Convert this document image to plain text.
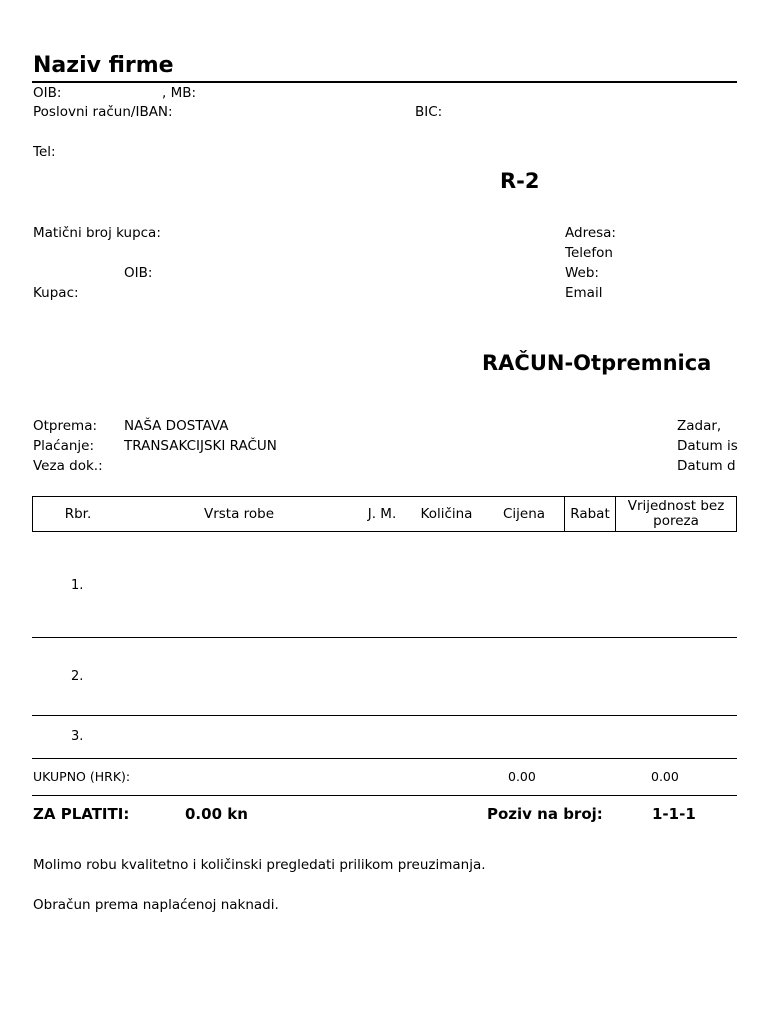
Naziv firme
OIB:	, MB:
Poslovni račun/IBAN:	BIC:
Tel:
R-2
Matični broj kupca:
OIB:
Kupac:
Adresa:
Telefon
Web:
Email
RAČUN-Otpremnica
Otprema: NAŠA DOSTAVA
Plaćanje: TRANSAKCIJSKI RAČUN
Veza dok.:
Zadar,
Datum is
Datum d
Rbr.	Vrsta robe	J. M.	Količina	Cijena	Rabat	Vrijednost bez
poreza
1.
2.
3.
UKUPNO (HRK):	0.00	0.00
ZA PLATITI:	0.00 kn	Poziv na broj:	1-1-1
Molimo robu kvalitetno i količinski pregledati prilikom preuzimanja.
Obračun prema naplaćenoj naknadi.
